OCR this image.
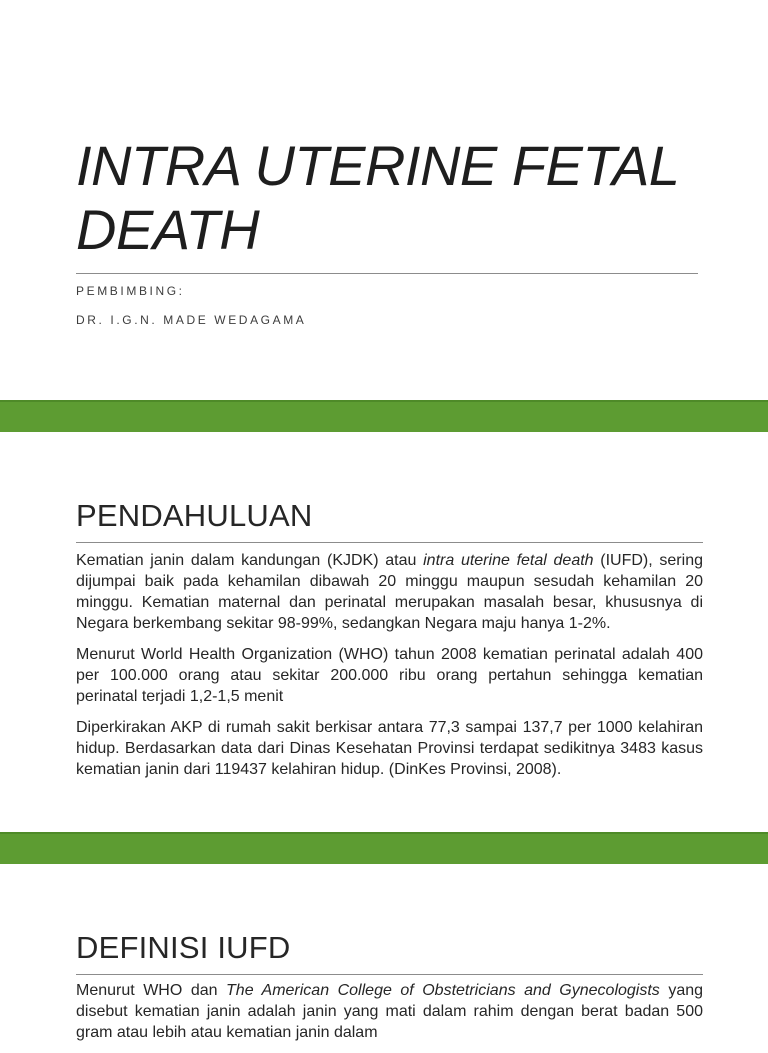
INTRA UTERINE FETAL
DEATH
PEMBIMBING:
DR. I.G.N. MADE WEDAGAMA
PENDAHULUAN

Kematian janin dalam kandungan (KJDK) atau intra uterine fetal death (IUFD), sering dijumpai baik pada kehamilan dibawah 20 minggu maupun sesudah kehamilan 20 minggu. Kematian maternal dan perinatal merupakan masalah besar, khususnya di Negara berkembang sekitar 98-99%, sedangkan Negara maju hanya 1-2%.

Menurut World Health Organization (WHO) tahun 2008 kematian perinatal adalah 400 per 100.000 orang atau sekitar 200.000 ribu orang pertahun sehingga kematian perinatal terjadi 1,2-1,5 menit

Diperkirakan AKP di rumah sakit berkisar antara 77,3 sampai 137,7 per 1000 kelahiran hidup. Berdasarkan data dari Dinas Kesehatan Provinsi terdapat sedikitnya 3483 kasus kematian janin dari 119437 kelahiran hidup. (DinKes Provinsi, 2008).

DEFINISI IUFD

Menurut WHO dan The American College of Obstetricians and Gynecologists yang disebut kematian janin adalah janin yang mati dalam rahim dengan berat badan 500 gram atau lebih atau kematian janin dalam
